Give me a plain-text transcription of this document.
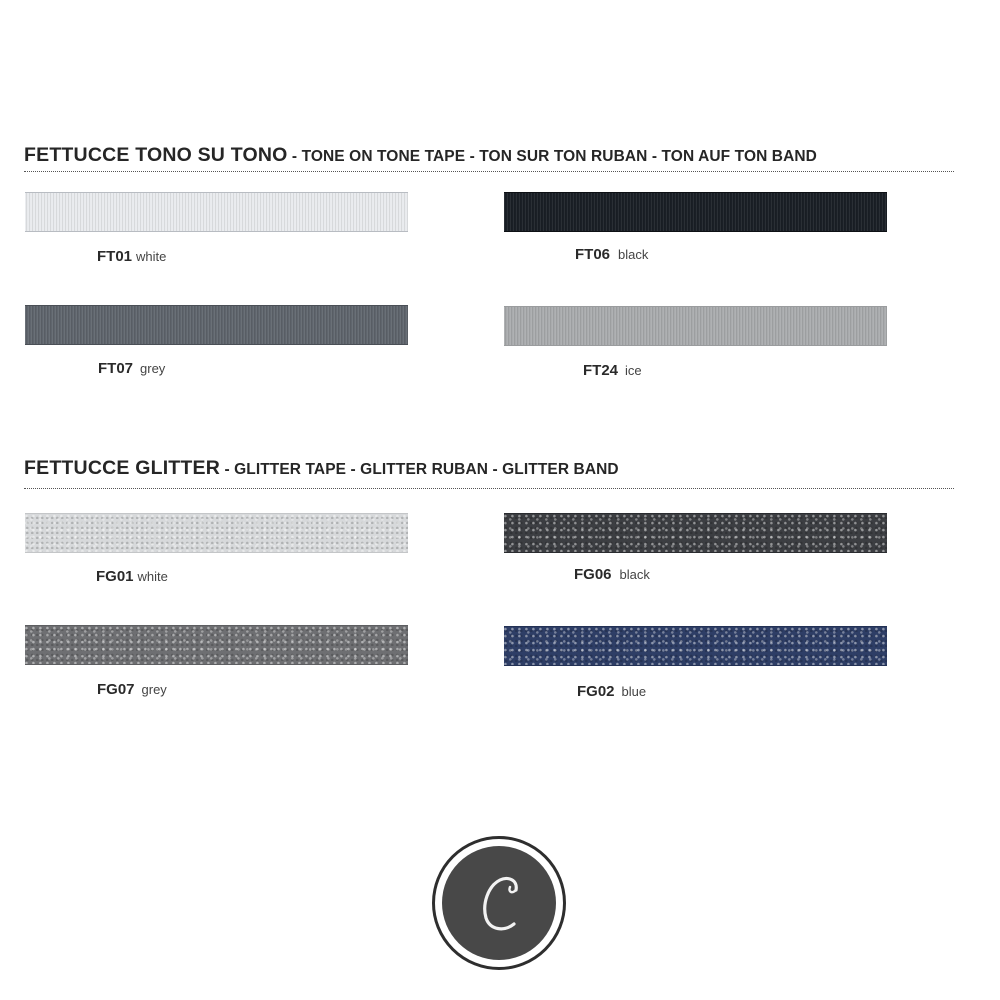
FETTUCCE TONO SU TONO - TONE ON TONE TAPE - TON SUR TON RUBAN - TON AUF TON BAND
FT01 white	FT06 black
FT07 grey	FT24 ice
FETTUCCE GLITTER - GLITTER TAPE - GLITTER RUBAN - GLITTER BAND
FG01 white	FG06 black
FG07 grey	FG02 blue
